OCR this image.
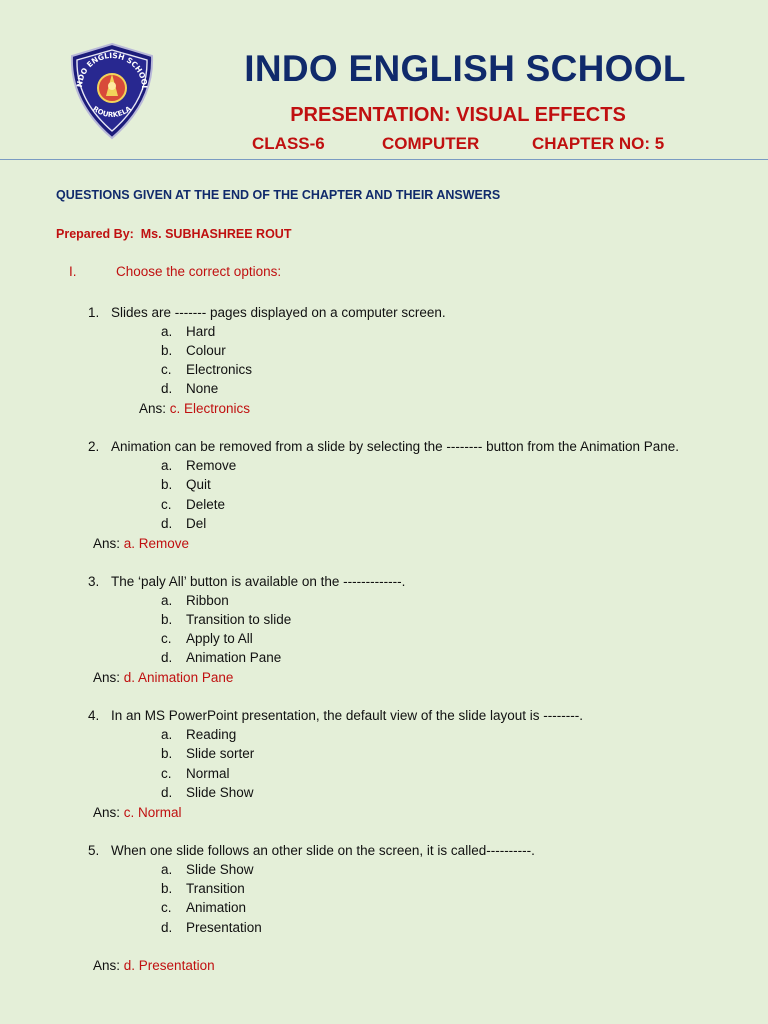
NDO ENGLISH SCHOOL
ROURKELA
INDO ENGLISH SCHOOL
PRESENTATION: VISUAL EFFECTS
CLASS-6	COMPUTER	CHAPTER NO: 5
QUESTIONS GIVEN AT THE END OF THE CHAPTER AND THEIR ANSWERS
Prepared By: Ms. SUBHASHREE ROUT
I.	Choose the correct options:
1. Slides are ------- pages displayed on a computer screen.
a. Hard
b. Colour
c. Electronics
d. None
Ans: c. Electronics
2. Animation can be removed from a slide by selecting the -------- button from the Animation Pane.
a. Remove
b. Quit
c. Delete
d. Del
Ans: a. Remove
3. The ‘paly All’ button is available on the -------------.
a. Ribbon
b. Transition to slide
c. Apply to All
d. Animation Pane
Ans: d. Animation Pane
4. In an MS PowerPoint presentation, the default view of the slide layout is --------.
a. Reading
b. Slide sorter
c. Normal
d. Slide Show
Ans: c. Normal
5. When one slide follows an other slide on the screen, it is called----------.
a. Slide Show
b. Transition
c. Animation
d. Presentation
Ans: d. Presentation
